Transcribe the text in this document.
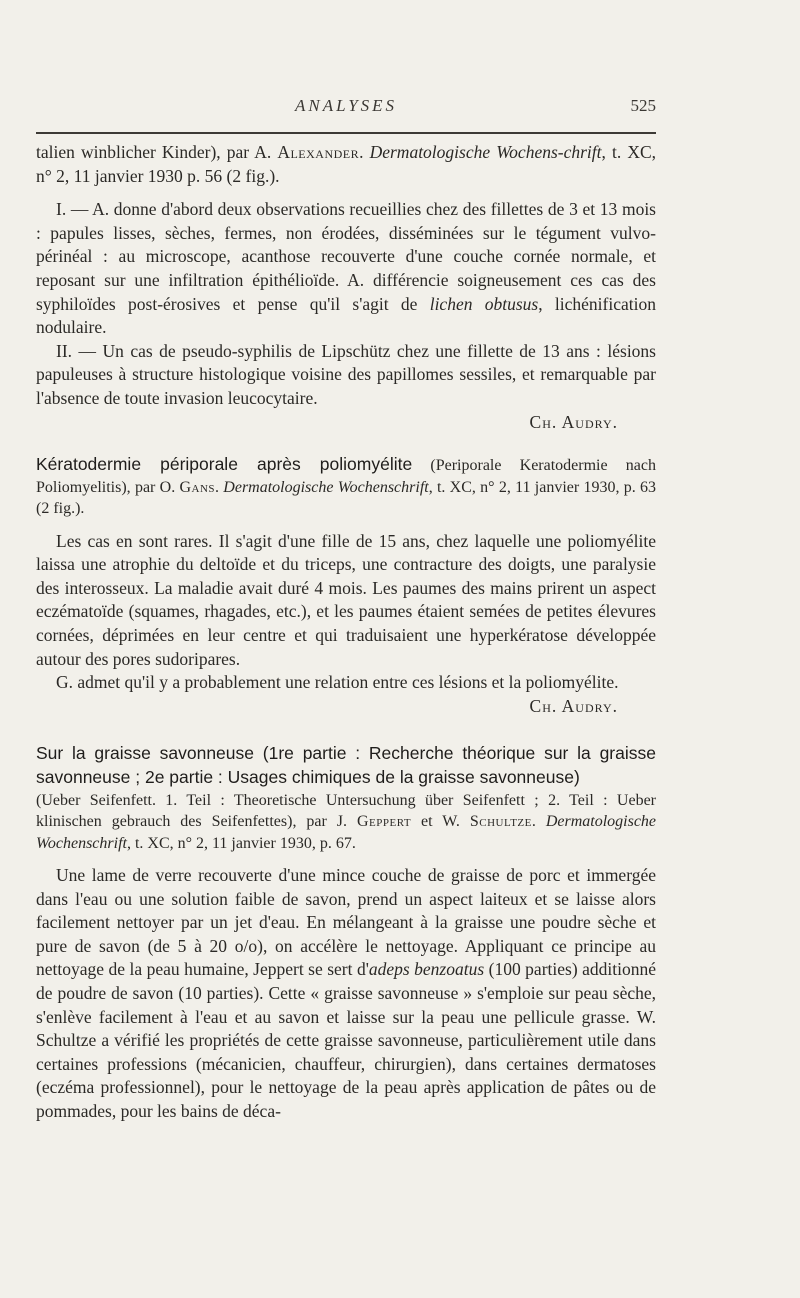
ANALYSES	525

talien winblicher Kinder), par A. Alexander. Dermatologische Wochens-chrift, t. XC, n° 2, 11 janvier 1930 p. 56 (2 fig.).

I. — A. donne d'abord deux observations recueillies chez des fillettes de 3 et 13 mois : papules lisses, sèches, fermes, non érodées, disséminées sur le tégument vulvo-périnéal : au microscope, acanthose recouverte d'une couche cornée normale, et reposant sur une infiltration épithélioïde. A. différencie soigneusement ces cas des syphiloïdes post-érosives et pense qu'il s'agit de lichen obtusus, lichénification nodulaire.

II. — Un cas de pseudo-syphilis de Lipschütz chez une fillette de 13 ans : lésions papuleuses à structure histologique voisine des papillomes sessiles, et remarquable par l'absence de toute invasion leucocytaire.

Ch. Audry.

Kératodermie périporale après poliomyélite (Periporale Keratodermie nach Poliomyelitis), par O. Gans. Dermatologische Wochenschrift, t. XC, n° 2, 11 janvier 1930, p. 63 (2 fig.).

Les cas en sont rares. Il s'agit d'une fille de 15 ans, chez laquelle une poliomyélite laissa une atrophie du deltoïde et du triceps, une contracture des doigts, une paralysie des interosseux. La maladie avait duré 4 mois. Les paumes des mains prirent un aspect eczématoïde (squames, rhagades, etc.), et les paumes étaient semées de petites élevures cornées, déprimées en leur centre et qui traduisaient une hyperkératose développée autour des pores sudoripares.

G. admet qu'il y a probablement une relation entre ces lésions et la poliomyélite.

Ch. Audry.

Sur la graisse savonneuse (1re partie : Recherche théorique sur la graisse savonneuse ; 2e partie : Usages chimiques de la graisse savonneuse)

(Ueber Seifenfett. 1. Teil : Theoretische Untersuchung über Seifenfett ; 2. Teil : Ueber klinischen gebrauch des Seifenfettes), par J. Geppert et W. Schultze. Dermatologische Wochenschrift, t. XC, n° 2, 11 janvier 1930, p. 67.

Une lame de verre recouverte d'une mince couche de graisse de porc et immergée dans l'eau ou une solution faible de savon, prend un aspect laiteux et se laisse alors facilement nettoyer par un jet d'eau. En mélangeant à la graisse une poudre sèche et pure de savon (de 5 à 20 o/o), on accélère le nettoyage. Appliquant ce principe au nettoyage de la peau humaine, Jeppert se sert d'adeps benzoatus (100 parties) additionné de poudre de savon (10 parties). Cette « graisse savonneuse » s'emploie sur peau sèche, s'enlève facilement à l'eau et au savon et laisse sur la peau une pellicule grasse. W. Schultze a vérifié les propriétés de cette graisse savonneuse, particulièrement utile dans certaines professions (mécanicien, chauffeur, chirurgien), dans certaines dermatoses (eczéma professionnel), pour le nettoyage de la peau après application de pâtes ou de pommades, pour les bains de déca-
